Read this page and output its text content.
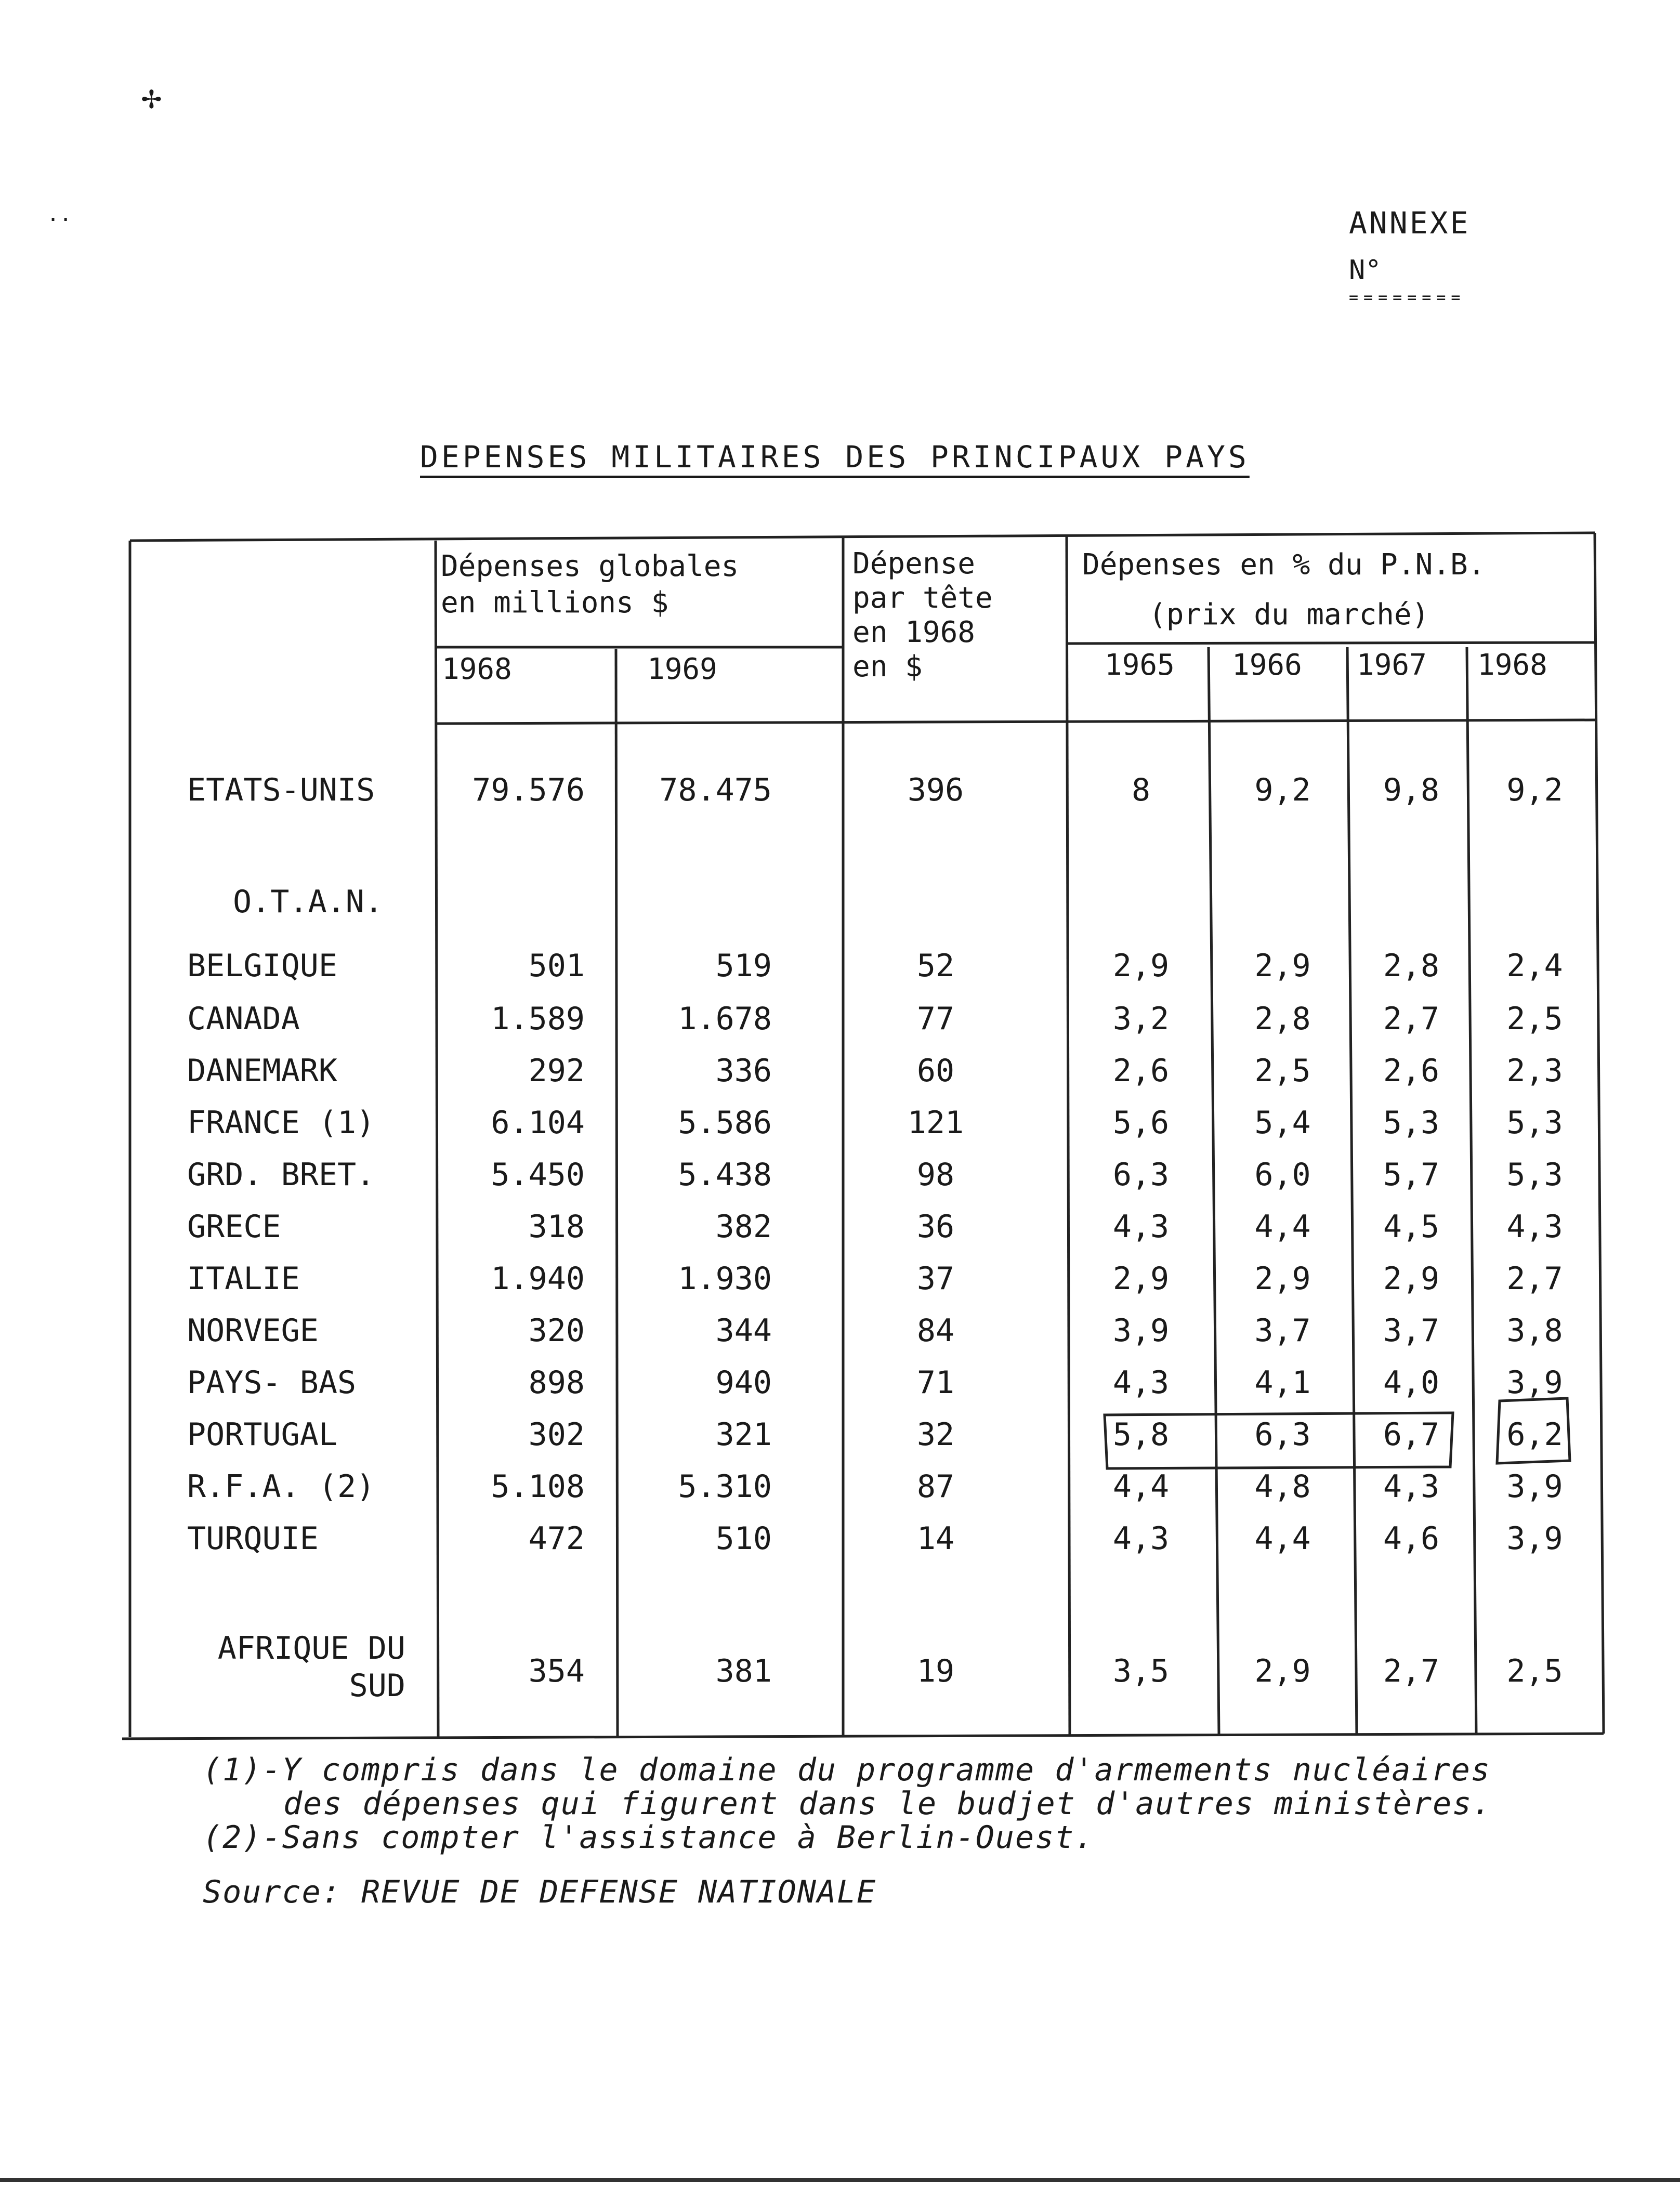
✢
··	ANNEXE
N°
========
DEPENSES MILITAIRES DES PRINCIPAUX PAYS
Dépenses globales
en millions $
Dépense
par tête
en 1968
en $
Dépenses en % du P.N.B.
(prix du marché)
1968	1969	1965 1966 1967 1968
O.T.A.N.
ETATS-UNIS	79.576	78.475	396	8	9,2	9,8	9,2
BELGIQUE	501	519	52	2,9	2,9	2,8	2,4
CANADA	1.589	1.678	77	3,2	2,8	2,7	2,5
DANEMARK	292	336	60	2,6	2,5	2,6	2,3
FRANCE (1)	6.104	5.586	121	5,6	5,4	5,3	5,3
GRD. BRET.	5.450	5.438	98	6,3	6,0	5,7	5,3
GRECE	318	382	36	4,3	4,4	4,5	4,3
ITALIE	1.940	1.930	37	2,9	2,9	2,9	2,7
NORVEGE	320	344	84	3,9	3,7	3,7	3,8
PAYS- BAS	898	940	71	4,3	4,1	4,0	3,9
PORTUGAL	302	321	32	5,8	6,3	6,7	6,2
R.F.A. (2)	5.108	5.310	87	4,4	4,8	4,3	3,9
TURQUIE	472	510	14	4,3	4,4	4,6	3,9
AFRIQUE DU
SUD	354	381	19	3,5	2,9	2,7	2,5
(1)-Y compris dans le domaine du programme d'armements nucléaires
des dépenses qui figurent dans le budjet d'autres ministères.
(2)-Sans compter l'assistance à Berlin-Ouest.
Source: REVUE DE DEFENSE NATIONALE
